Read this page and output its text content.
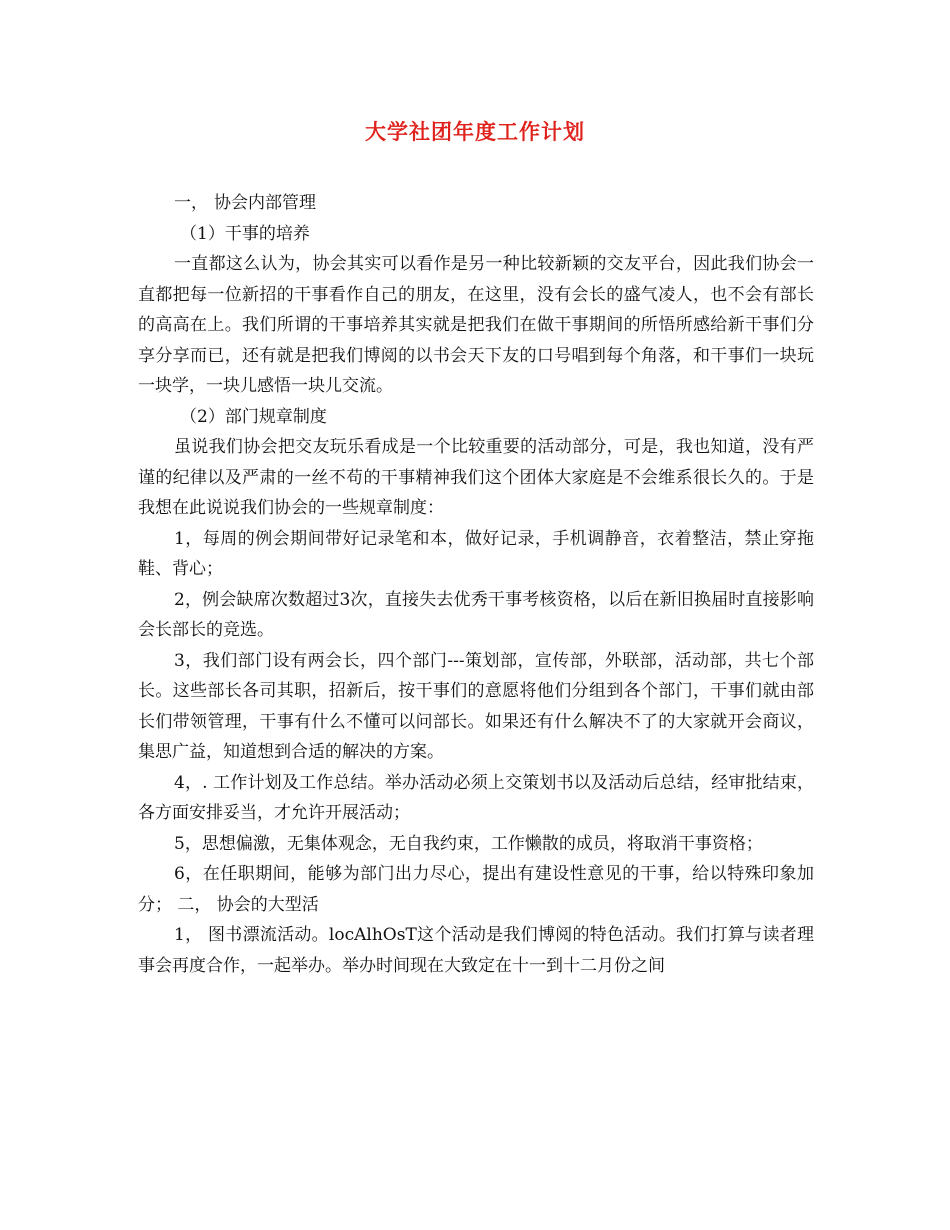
大学社团年度工作计划

一， 协会内部管理

（1）干事的培养

一直都这么认为，协会其实可以看作是另一种比较新颖的交友平台，因此我们协会一直都把每一位新招的干事看作自己的朋友，在这里，没有会长的盛气凌人，也不会有部长的高高在上。我们所谓的干事培养其实就是把我们在做干事期间的所悟所感给新干事们分享分享而已，还有就是把我们博阅的以书会天下友的口号唱到每个角落，和干事们一块玩一块学，一块儿感悟一块儿交流。

（2）部门规章制度

虽说我们协会把交友玩乐看成是一个比较重要的活动部分，可是，我也知道，没有严谨的纪律以及严肃的一丝不苟的干事精神我们这个团体大家庭是不会维系很长久的。于是我想在此说说我们协会的一些规章制度：

1，每周的例会期间带好记录笔和本，做好记录，手机调静音，衣着整洁，禁止穿拖鞋、背心；

2，例会缺席次数超过3次，直接失去优秀干事考核资格，以后在新旧换届时直接影响会长部长的竞选。

3，我们部门设有两会长，四个部门---策划部，宣传部，外联部，活动部，共七个部长。这些部长各司其职，招新后，按干事们的意愿将他们分组到各个部门，干事们就由部长们带领管理，干事有什么不懂可以问部长。如果还有什么解决不了的大家就开会商议，集思广益，知道想到合适的解决的方案。

4，. 工作计划及工作总结。举办活动必须上交策划书以及活动后总结，经审批结束，各方面安排妥当，才允许开展活动；

5，思想偏激，无集体观念，无自我约束，工作懒散的成员，将取消干事资格；

6，在任职期间，能够为部门出力尽心，提出有建设性意见的干事，给以特殊印象加分； 二， 协会的大型活

1， 图书漂流活动。locAlhOsT这个活动是我们博阅的特色活动。我们打算与读者理事会再度合作，一起举办。举办时间现在大致定在十一到十二月份之间
